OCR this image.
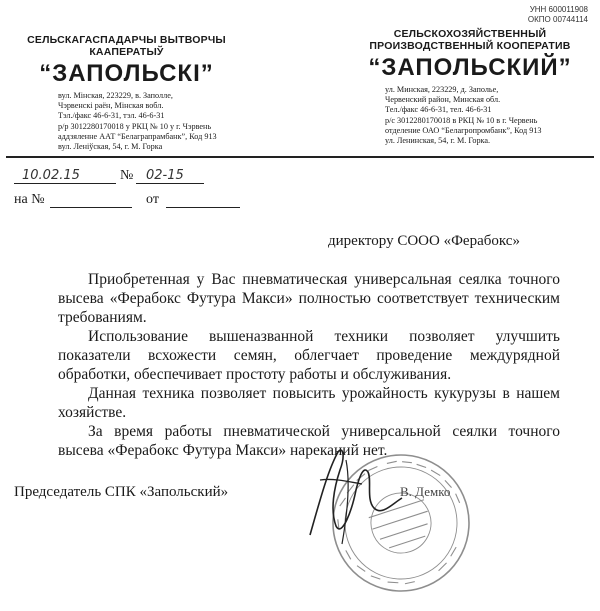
УНН 600011908
ОКПО 00744114
СЕЛЬСКАГАСПАДАРЧЫ ВЫТВОРЧЫ
КААПЕРАТЫЎ
“ЗАПОЛЬСКІ”
вул. Мінская, 223229, в. Заполле,
Чэрвенскі раён, Мінская вобл.
Тэл./факс 46-6-31, тэл. 46-6-31
р/р 3012280170018 у РКЦ № 10 у г. Чэрвень
аддзяленне ААТ “Белаграпрамбанк”, Код 913
вул. Леніўская, 54, г. М. Горка
СЕЛЬСКОХОЗЯЙСТВЕННЫЙ
ПРОИЗВОДСТВЕННЫЙ КООПЕРАТИВ
“ЗАПОЛЬСКИЙ”
ул. Минская, 223229, д. Заполье,
Червенский район, Минская обл.
Тел./факс 46-6-31, тел. 46-6-31
р/с 3012280170018 в РКЦ № 10 в г. Червень
отделение ОАО “Белагропромбанк”, Код 913
ул. Ленинская, 54, г. М. Горка.
10.02.15	№ 02-15
на №	от
директору СООО «Ферабокс»

Приобретенная у Вас пневматическая универсальная сеялка точного высева «Ферабокс Футура Макси» полностью соответствует техническим требованиям.

Использование вышеназванной техники позволяет улучшить показатели всхожести семян, облегчает проведение междурядной обработки, обеспечивает простоту работы и обслуживания.

Данная техника позволяет повысить урожайность кукурузы в нашем хозяйстве.

За время работы пневматической универсальной сеялки точного высева «Ферабокс Футура Макси» нареканий нет.

Председатель СПК «Запольский»	В. Демко
